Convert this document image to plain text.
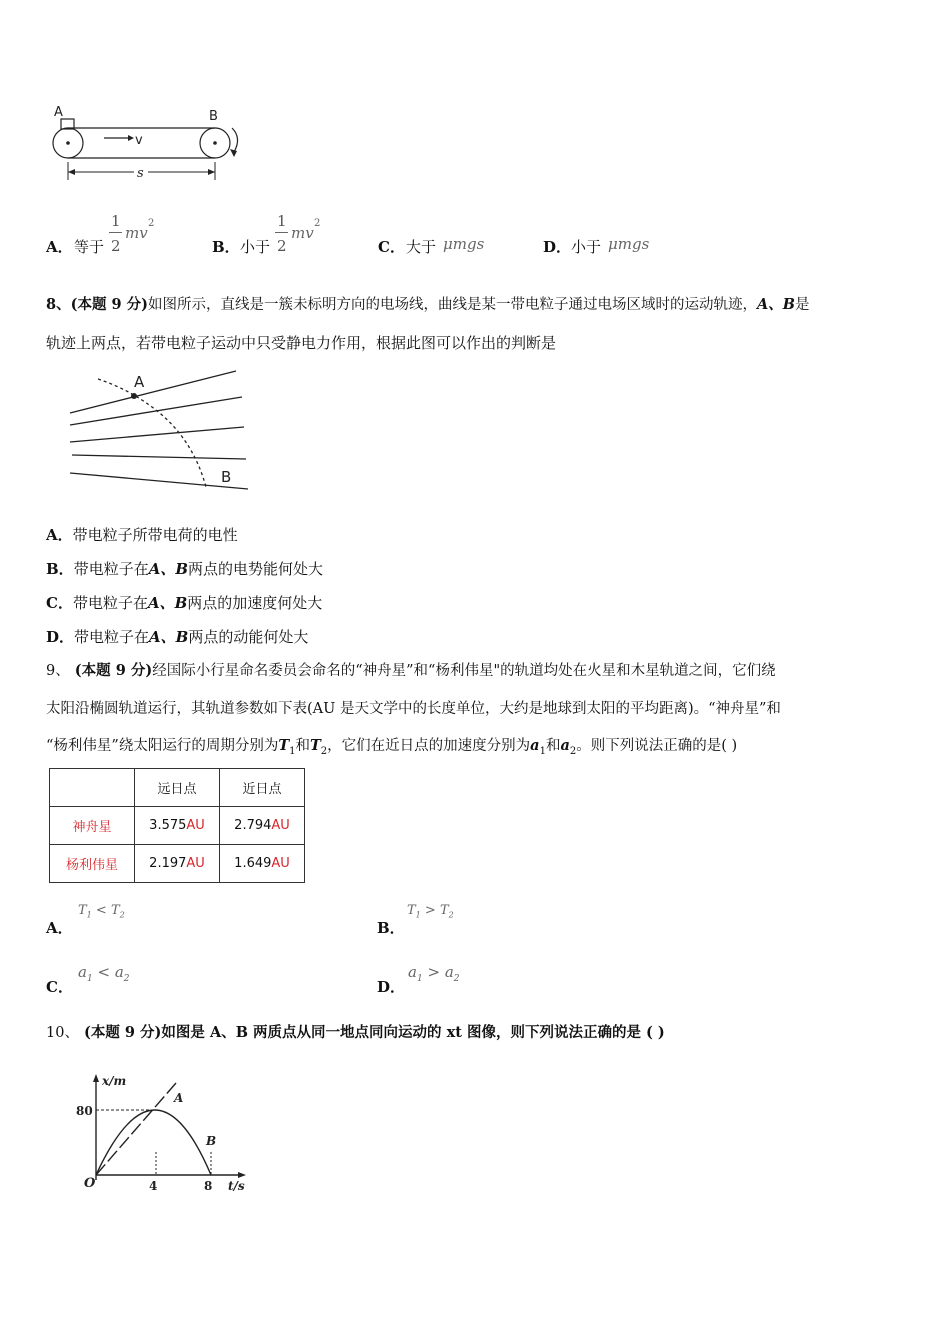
A	B
v
s
A． 等于
1
2
mv
2
B． 小于
1
2
mv
2
C． 大于 μmgs	D． 小于 μmgs
8、(本题 9 分)如图所示，直线是一簇未标明方向的电场线，曲线是某一带电粒子通过电场区域时的运动轨迹，A、B是
轨迹上两点，若带电粒子运动中只受静电力作用，根据此图可以作出的判断是
A
B
A．带电粒子所带电荷的电性
B．带电粒子在A、B两点的电势能何处大
C．带电粒子在A、B两点的加速度何处大
D．带电粒子在A、B两点的动能何处大
9、 (本题 9 分)经国际小行星命名委员会命名的“神舟星”和“杨利伟星"的轨道均处在火星和木星轨道之间，它们绕
太阳沿椭圆轨道运行，其轨道参数如下表(AU 是天文学中的长度单位，大约是地球到太阳的平均距离)。“神舟星”和
“杨利伟星”绕太阳运行的周期分别为$T_1$和$T_2$，它们在近日点的加速度分别为$a_1$和$a_2$。则下列说法正确的是( )
	远日点	近日点
神舟星	3.575AU	2.794AU
杨利伟星	2.197AU	1.649AU
A．
$T_1 < T_2$
B．
$T_1 > T_2$
C．
$a_1 < a_2$	D．
$a_1 > a_2$
10、 (本题 9 分)如图是 A、B 两质点从同一地点同向运动的 xt 图像，则下列说法正确的是 ( )
x/m
t/s
O
80
4	8
A
B
